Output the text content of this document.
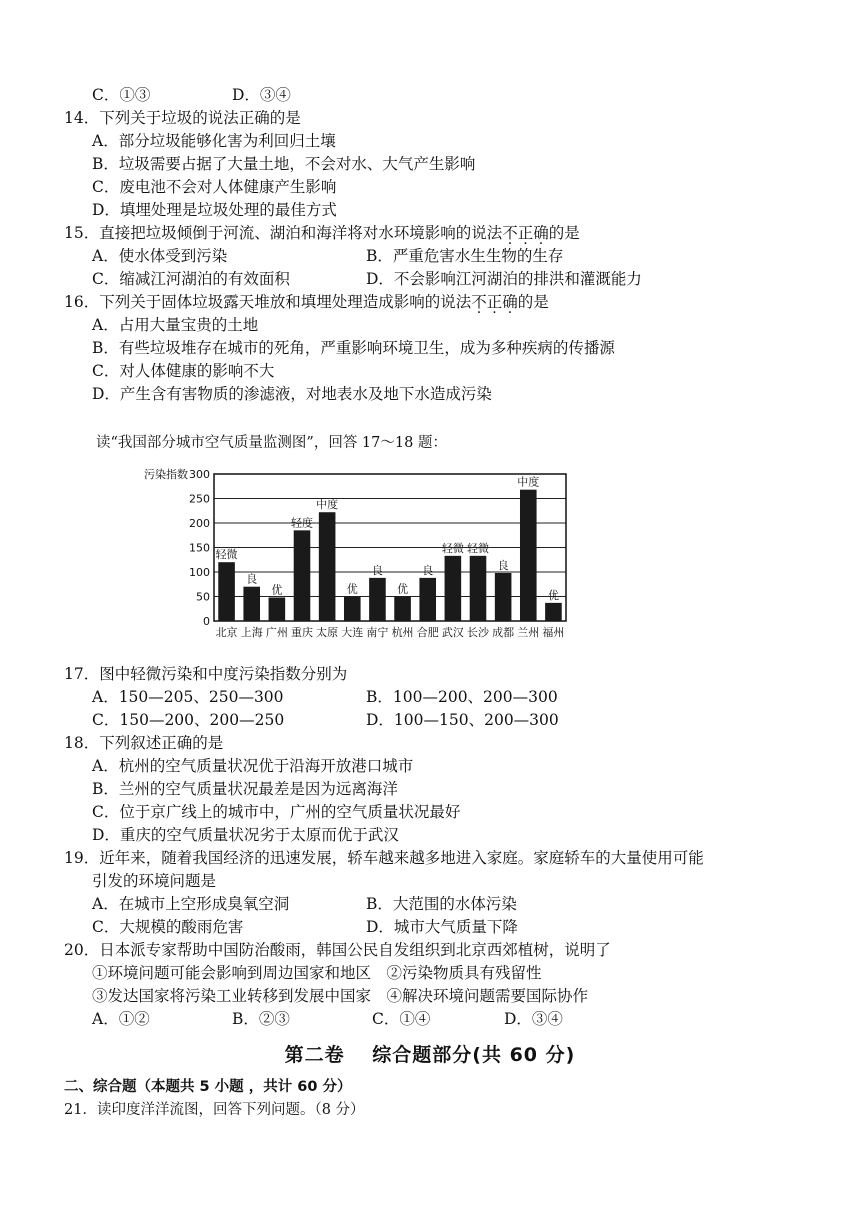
C．①③	D．③④
14．下列关于垃圾的说法正确的是
A．部分垃圾能够化害为利回归土壤
B．垃圾需要占据了大量土地，不会对水、大气产生影响
C．废电池不会对人体健康产生影响
D．填埋处理是垃圾处理的最佳方式
15．直接把垃圾倾倒于河流、湖泊和海洋将对水环境影响的说法不正确的是
A．使水体受到污染	B．严重危害水生生物的生存
C．缩减江河湖泊的有效面积	D．不会影响江河湖泊的排洪和灌溉能力
16．下列关于固体垃圾露天堆放和填埋处理造成影响的说法不正确的是
A．占用大量宝贵的土地
B．有些垃圾堆存在城市的死角，严重影响环境卫生，成为多种疾病的传播源
C．对人体健康的影响不大
D．产生含有害物质的渗滤液，对地表水及地下水造成污染
读“我国部分城市空气质量监测图”，回答 17～18 题：
污染指数
0
50
100
150
200
250
300
轻微
北京
良
上海
优
广州
轻度
重庆
中度
太原
优
大连
良
南宁
优
杭州
良
合肥
轻微
武汉
轻微
长沙
良
成都
中度
兰州
优
福州
17．图中轻微污染和中度污染指数分别为
A．150—205、250—300	B．100—200、200—300
C．150—200、200—250	D．100—150、200—300
18．下列叙述正确的是
A．杭州的空气质量状况优于沿海开放港口城市
B．兰州的空气质量状况最差是因为远离海洋
C．位于京广线上的城市中，广州的空气质量状况最好
D．重庆的空气质量状况劣于太原而优于武汉
19．近年来，随着我国经济的迅速发展，轿车越来越多地进入家庭。家庭轿车的大量使用可能
引发的环境问题是
A．在城市上空形成臭氧空洞	B．大范围的水体污染
C．大规模的酸雨危害	D．城市大气质量下降
20．日本派专家帮助中国防治酸雨，韩国公民自发组织到北京西郊植树，说明了
①环境问题可能会影响到周边国家和地区　②污染物质具有残留性
③发达国家将污染工业转移到发展中国家　④解决环境问题需要国际协作
A．①②	B．②③	C．①④	D．③④
第二卷　 综合题部分(共 60 分)
二、综合题（本题共 5 小题 ，共计 60 分）
21．读印度洋洋流图，回答下列问题。（8 分）
